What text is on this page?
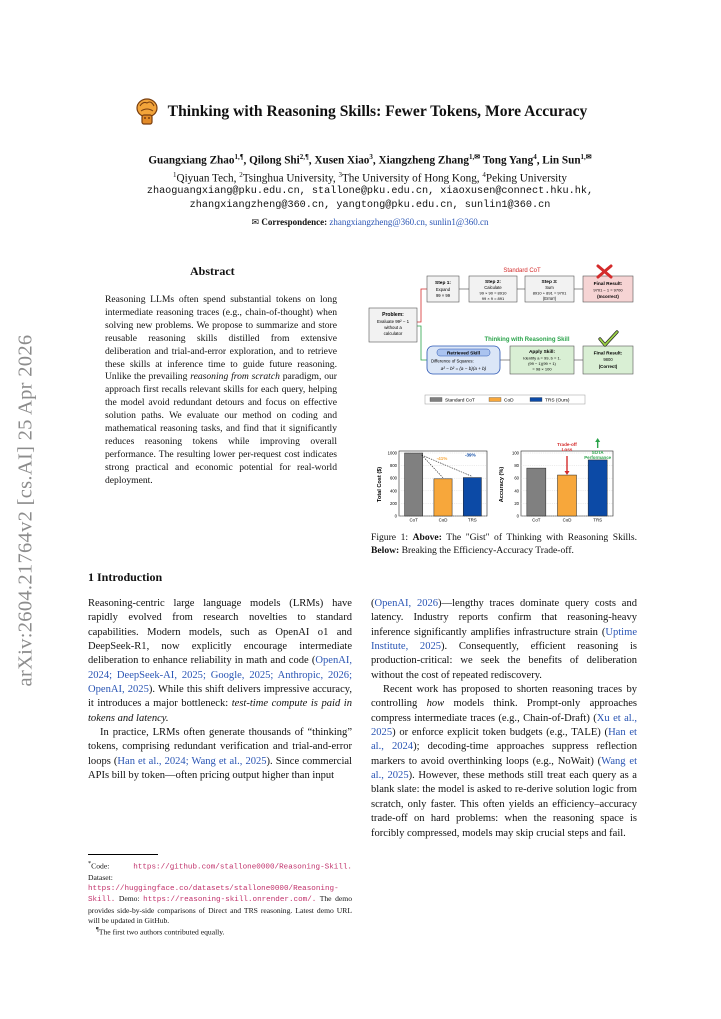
arXiv:2604.21764v2 [cs.AI] 25 Apr 2026
Thinking with Reasoning Skills: Fewer Tokens, More Accuracy
Guangxiang Zhao$^{1,\P}$, Qilong Shi$^{2,\P}$, Xusen Xiao$^3$, Xiangzheng Zhang$^{1,✉}$ Tong Yang$^4$, Lin Sun$^{1,✉}$
$^1$Qiyuan Tech, $^2$Tsinghua University, $^3$The University of Hong Kong, $^4$Peking University
zhaoguangxiang@pku.edu.cn, stallone@pku.edu.cn, xiaoxusen@connect.hku.hk,
zhangxiangzheng@360.cn, yangtong@pku.edu.cn, sunlin1@360.cn
✉ Correspondence: zhangxiangzheng@360.cn, sunlin1@360.cn
Abstract
Reasoning LLMs often spend substantial tokens on long intermediate reasoning traces (e.g., chain-of-thought) when solving new problems. We propose to summarize and store reusable reasoning skills distilled from extensive deliberation and trial-and-error exploration, and to retrieve these skills at inference time to guide future reasoning. Unlike the prevailing reasoning from scratch paradigm, our approach first recalls relevant skills for each query, helping the model avoid redundant detours and focus on effective solution paths. We evaluate our method on coding and mathematical reasoning tasks, and find that it significantly reduces reasoning tokens while improving overall performance. The resulting lower per-request cost indicates strong practical and economic potential for real-world deployment.
Standard CoT
Thinking with Reasoning Skill
Problem:
Evaluate 99² − 1
without a
calculator
Step 1:
Expand
99 × 99
Step 2:
Calculate
99 × 90 = 8910
99 × 9 = 891
Step 3:
Sum
8910 + 891 = 9701
(Error!)
Final Result:
9701 − 1 = 9700
(Incorrect)
Retrieved Skill
Difference of Squares:
a² − b² = (a − b)(a + b)
Apply Skill:
Identify a = 99, b = 1.
(99 − 1)(99 + 1)
= 98 × 100
Final Result:
9800
(Correct)
Standard CoT	CoD	TRS (Ours)
0
200
400
600
800
1000
Total Cost ($)
CoT	CoD	TRS
0
20
40
60
80
100
Accuracy (%)
CoT	CoD	TRS
-41%
-39%
Trade-off
Loss
SOTA
Performance
Figure 1: Above: The "Gist" of Thinking with Reasoning Skills. Below: Breaking the Efficiency-Accuracy Trade-off.
1 Introduction

Reasoning-centric large language models (LRMs) have rapidly evolved from research novelties to standard capabilities. Modern models, such as OpenAI o1 and DeepSeek-R1, now explicitly encourage intermediate deliberation to enhance reliability in math and code (OpenAI, 2024; DeepSeek-AI, 2025; Google, 2025; Anthropic, 2026; OpenAI, 2025). While this shift delivers impressive accuracy, it introduces a major bottleneck: test-time compute is paid in tokens and latency.

In practice, LRMs often generate thousands of “thinking” tokens, comprising redundant verification and trial-and-error loops (Han et al., 2024; Wang et al., 2025). Since commercial APIs bill by token—often pricing output higher than input

(OpenAI, 2026)—lengthy traces dominate query costs and latency. Industry reports confirm that reasoning-heavy inference significantly amplifies infrastructure strain (Uptime Institute, 2025). Consequently, efficient reasoning is production-critical: we seek the benefits of deliberation without the cost of repeated rediscovery.

Recent work has proposed to shorten reasoning traces by controlling how models think. Prompt-only approaches compress intermediate traces (e.g., Chain-of-Draft) (Xu et al., 2025) or enforce explicit token budgets (e.g., TALE) (Han et al., 2024); decoding-time approaches suppress reflection markers to avoid overthinking loops (e.g., NoWait) (Wang et al., 2025). However, these methods still treat each query as a blank slate: the model is asked to re-derive solution logic from scratch, only faster. This often yields an efficiency–accuracy trade-off on hard problems: when the reasoning space is forcibly compressed, models may skip crucial steps and fail.

*Code:	https://github.com/stallone0000/Reasoning-Skill. Dataset: https://huggingface.co/datasets/stallone0000/Reasoning-Skill. Demo: https://reasoning-skill.onrender.com/. The demo provides side-by-side comparisons of Direct and TRS reasoning. Latest demo URL will be updated in GitHub.
¶The first two authors contributed equally.
